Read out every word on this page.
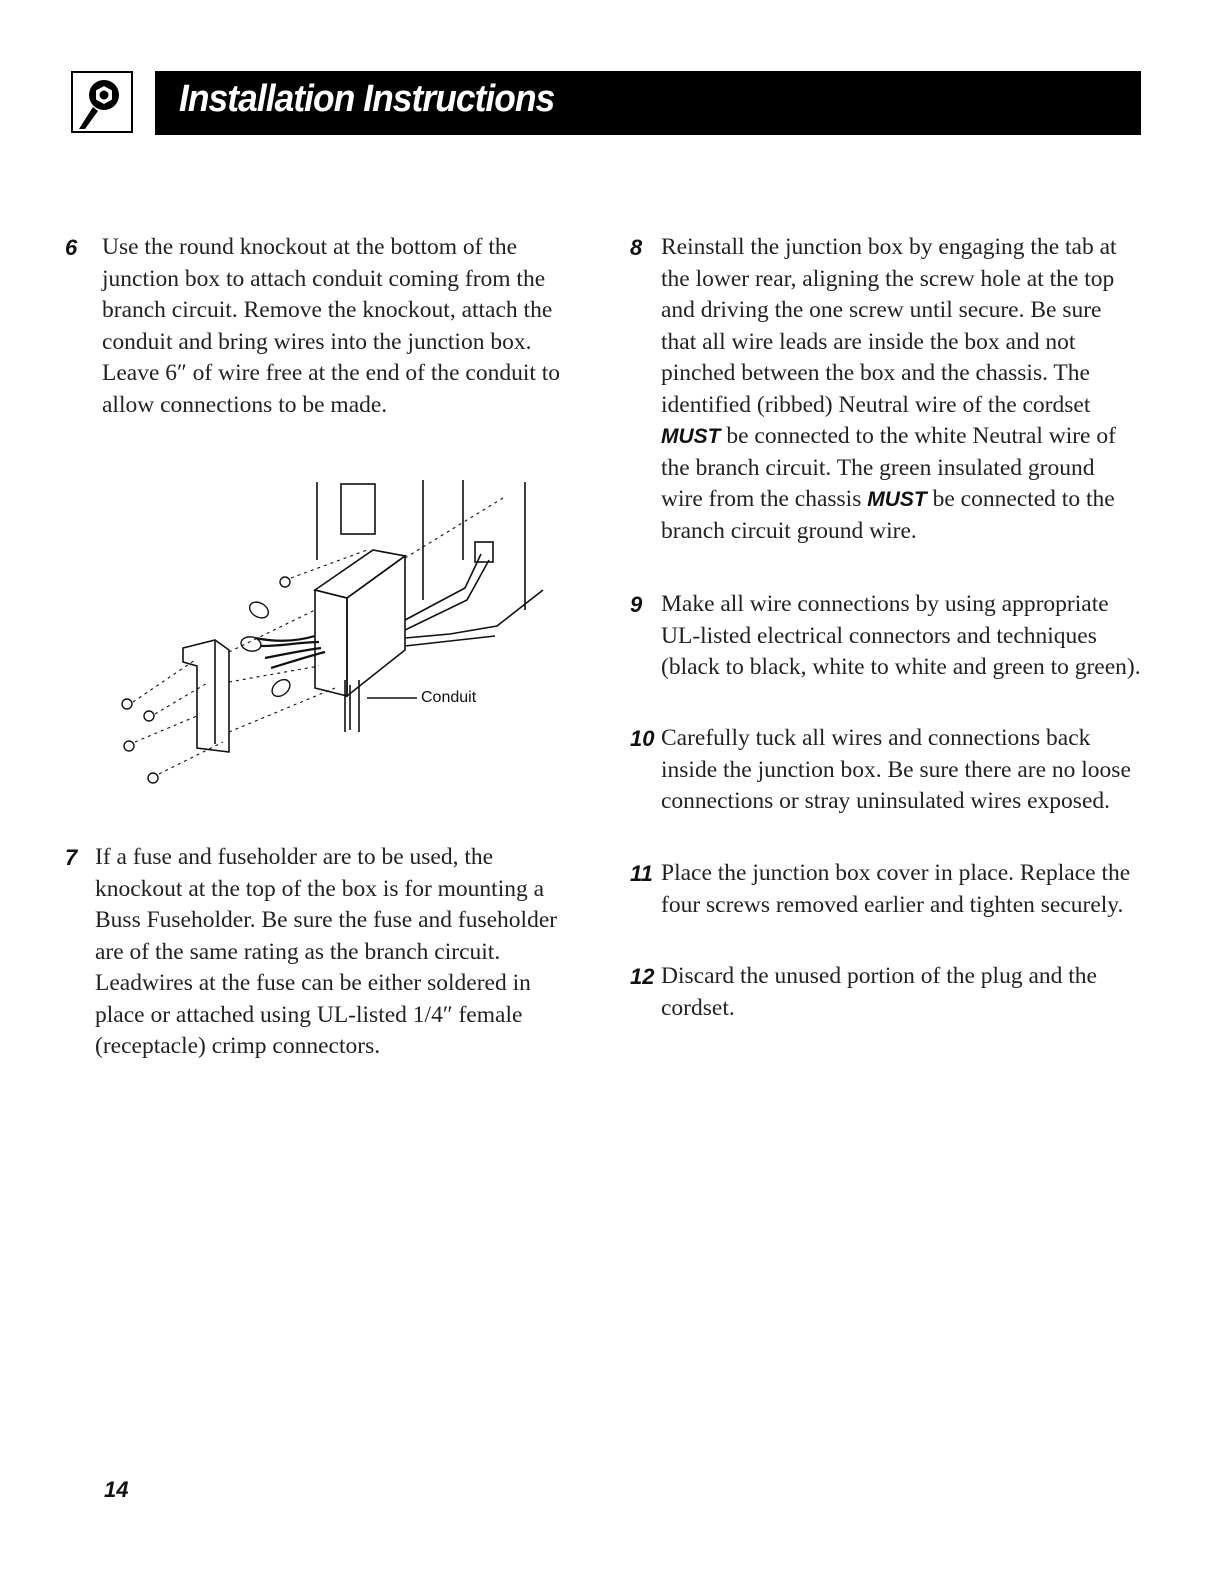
Installation Instructions
6 Use the round knockout at the bottom of the junction box to attach conduit coming from the branch circuit. Remove the knockout, attach the conduit and bring wires into the junction box. Leave 6″ of wire free at the end of the conduit to allow connections to be made.
Conduit
7 If a fuse and fuseholder are to be used, the knockout at the top of the box is for mounting a Buss Fuseholder. Be sure the fuse and fuseholder are of the same rating as the branch circuit. Leadwires at the fuse can be either soldered in place or attached using UL-listed 1/4″ female (receptacle) crimp connectors.
8 Reinstall the junction box by engaging the tab at the lower rear, aligning the screw hole at the top and driving the one screw until secure. Be sure that all wire leads are inside the box and not pinched between the box and the chassis. The identified (ribbed) Neutral wire of the cordset MUST be connected to the white Neutral wire of the branch circuit. The green insulated ground wire from the chassis MUST be connected to the branch circuit ground wire.
9 Make all wire connections by using appropriate UL-listed electrical connectors and techniques (black to black, white to white and green to green).
10 Carefully tuck all wires and connections back inside the junction box. Be sure there are no loose connections or stray uninsulated wires exposed.
11 Place the junction box cover in place. Replace the four screws removed earlier and tighten securely.
12 Discard the unused portion of the plug and the cordset.
14
